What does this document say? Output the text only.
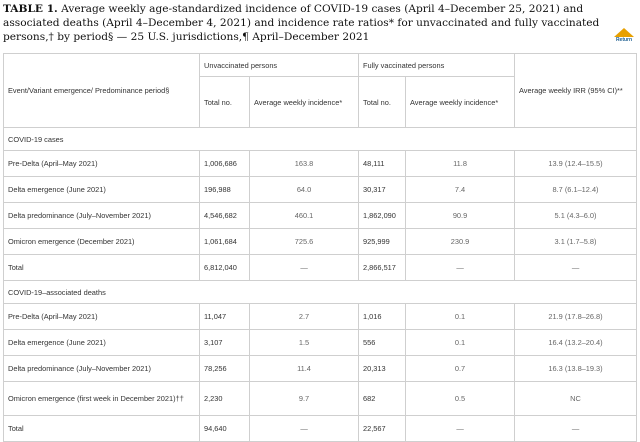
TABLE 1. Average weekly age-standardized incidence of COVID-19 cases (April 4–December 25, 2021) and associated deaths (April 4–December 4, 2021) and incidence rate ratios* for unvaccinated and fully vaccinated persons,† by period§ — 25 U.S. jurisdictions,¶ April–December 2021	Return
Event/Variant emergence/ Predominance period§	Unvaccinated persons		Fully vaccinated persons		Average weekly IRR (95% CI)**
	Total no.	Average weekly incidence*	Total no.	Average weekly incidence*	
COVID-19 cases					
Pre-Delta (April–May 2021)	1,006,686	163.8	48,111	11.8	13.9 (12.4–15.5)
Delta emergence (June 2021)	196,988	64.0	30,317	7.4	8.7 (6.1–12.4)
Delta predominance (July–November 2021)	4,546,682	460.1	1,862,090	90.9	5.1 (4.3–6.0)
Omicron emergence (December 2021)	1,061,684	725.6	925,999	230.9	3.1 (1.7–5.8)
Total	6,812,040	—	2,866,517	—	—
COVID-19–associated deaths					
Pre-Delta (April–May 2021)	11,047	2.7	1,016	0.1	21.9 (17.8–26.8)
Delta emergence (June 2021)	3,107	1.5	556	0.1	16.4 (13.2–20.4)
Delta predominance (July–November 2021)	78,256	11.4	20,313	0.7	16.3 (13.8–19.3)
Omicron emergence (first week in December 2021)††	2,230	9.7	682	0.5	NC
Total	94,640	—	22,567	—	—
